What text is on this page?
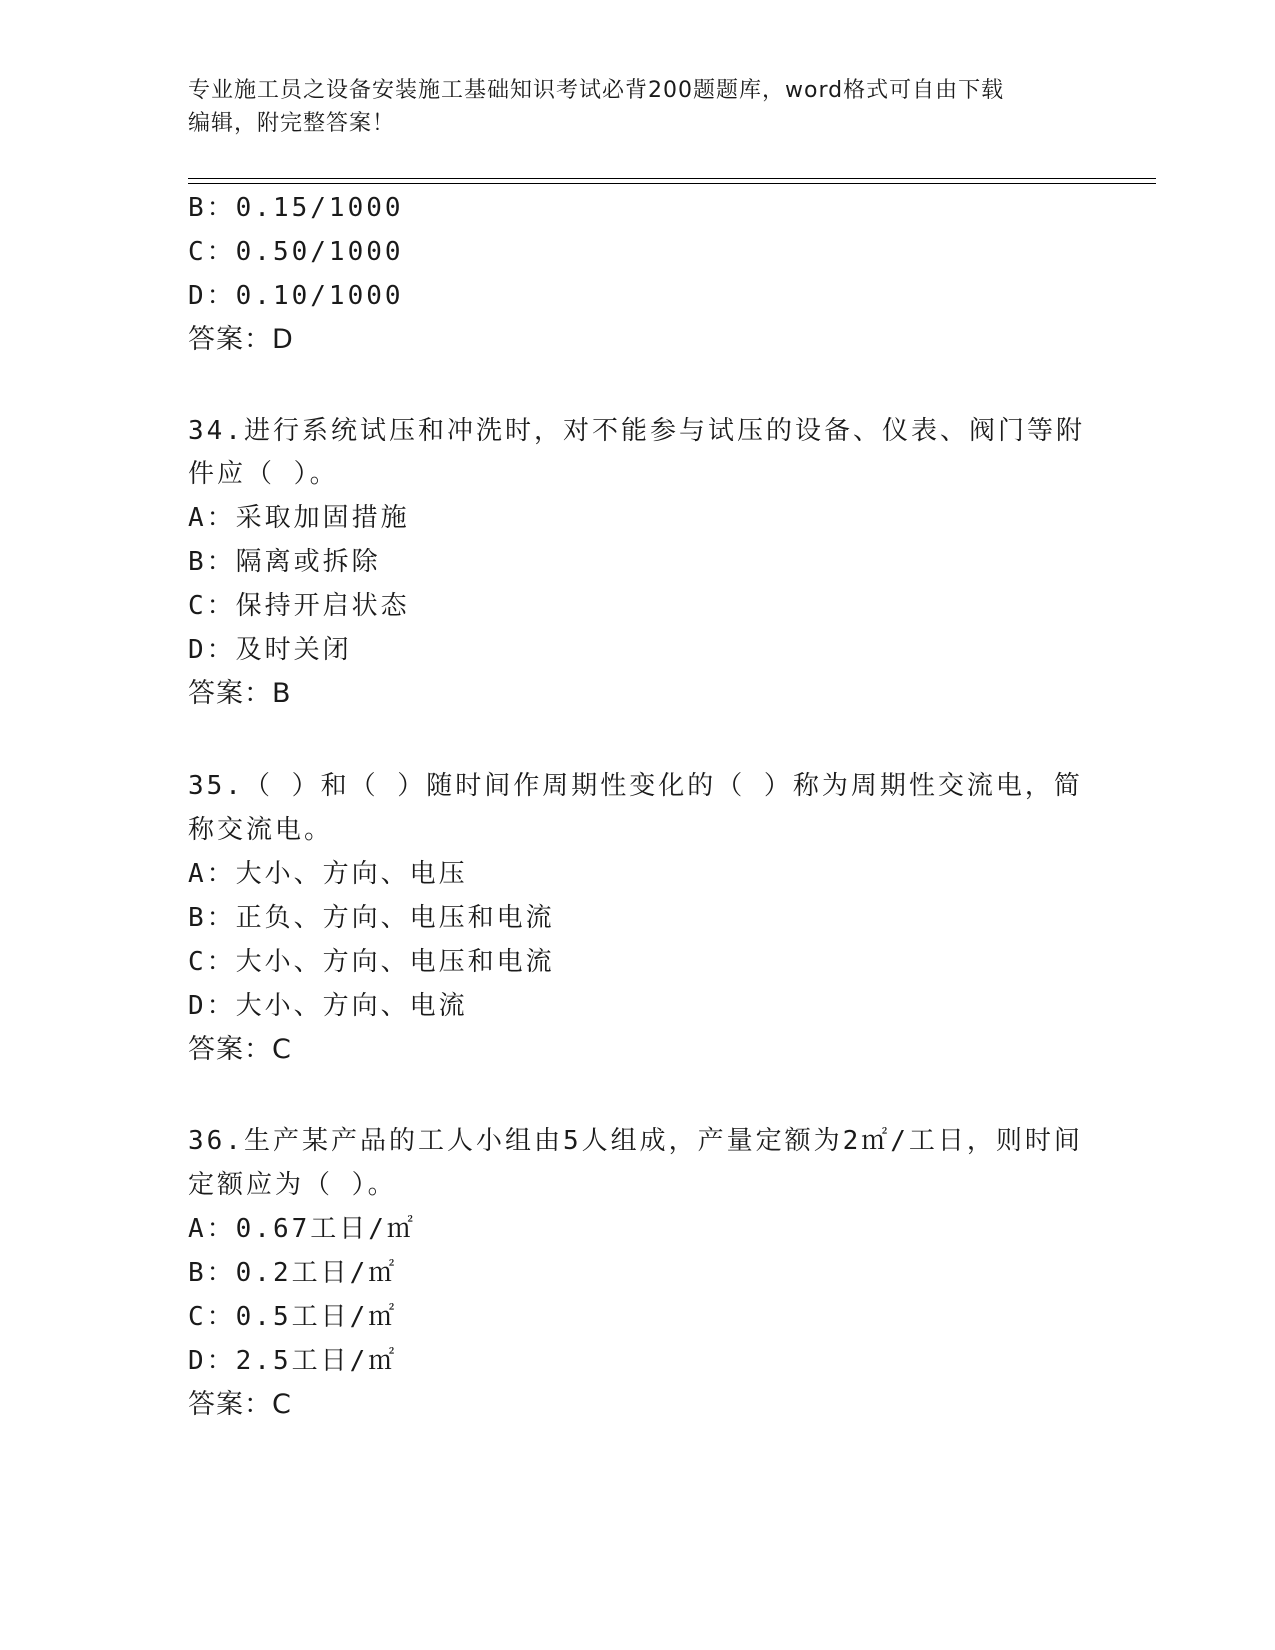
专业施工员之设备安装施工基础知识考试必背200题题库，word格式可自由下载
编辑，附完整答案！
B：0.15/1000
C：0.50/1000
D：0.10/1000
答案：D
34.进行系统试压和冲洗时，对不能参与试压的设备、仪表、阀门等附
件应（ ）。
A：采取加固措施
B：隔离或拆除
C：保持开启状态
D：及时关闭
答案：B
35.（ ）和（ ）随时间作周期性变化的（ ）称为周期性交流电，简
称交流电。
A：大小、方向、电压
B：正负、方向、电压和电流
C：大小、方向、电压和电流
D：大小、方向、电流
答案：C
36.生产某产品的工人小组由5人组成，产量定额为2㎡/工日，则时间
定额应为（ ）。
A：0.67工日/㎡
B：0.2工日/㎡
C：0.5工日/㎡
D：2.5工日/㎡
答案：C
